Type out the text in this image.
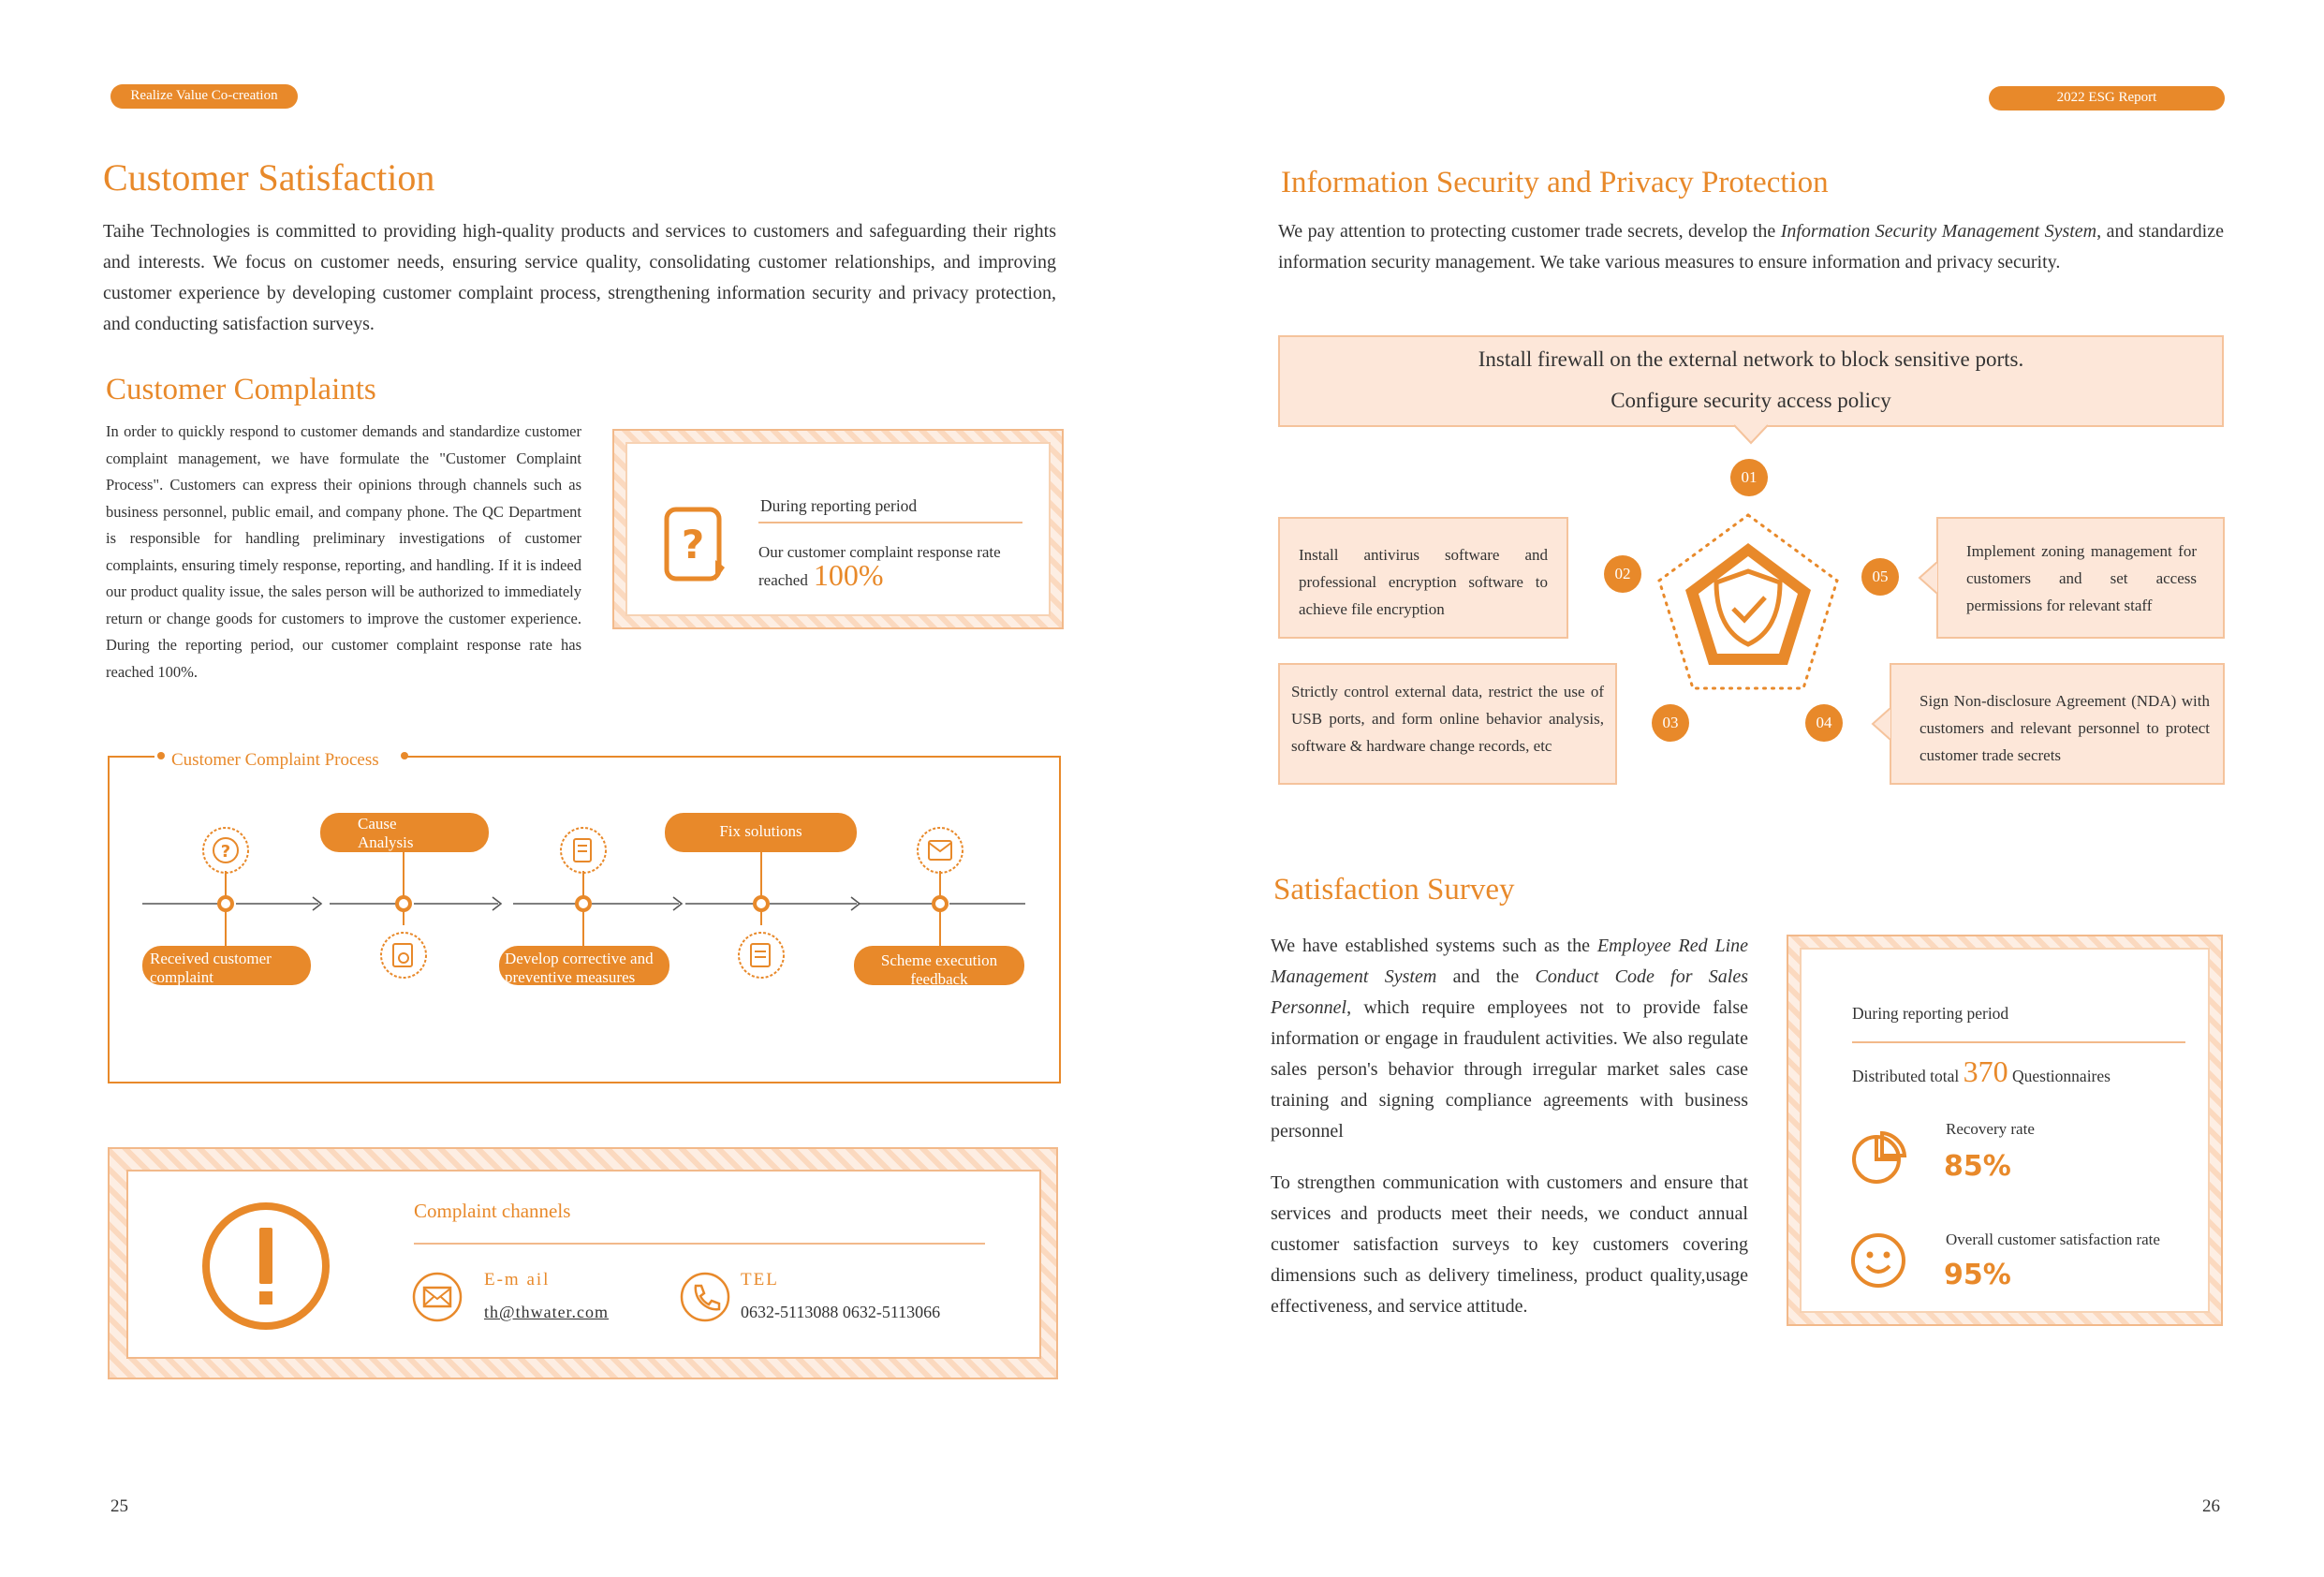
Realize Value Co-creation
Customer Satisfaction
Taihe Technologies is committed to providing high-quality products and services to customers and safeguarding their rights and interests. We focus on customer needs, ensuring service quality, consolidating customer relationships, and improving customer experience by developing customer complaint process, strengthening information security and privacy protection, and conducting satisfaction surveys.
Customer Complaints
In order to quickly respond to customer demands and standardize customer complaint management, we have formulate the "Customer Complaint Process". Customers can express their opinions through channels such as business personnel, public email, and company phone. The QC Department is responsible for handling preliminary investigations of customer complaints, ensuring timely response, reporting, and handling. If it is indeed our product quality issue, the sales person will be authorized to immediately return or change goods for customers to improve the customer experience. During the reporting period, our customer complaint response rate has reached 100%.
?
During reporting period
Our customer complaint response rate reached 100%
Customer Complaint Process
?
Received customer complaint
Cause Analysis
Develop corrective and preventive measures
Fix solutions
Scheme execution feedback
Complaint channels
E-m ail
th@thwater.com
TEL
0632-5113088 0632-5113066
25
2022 ESG Report
Information Security and Privacy Protection
We pay attention to protecting customer trade secrets, develop the Information Security Management System, and standardize information security management. We take various measures to ensure information and privacy security.
Install firewall on the external network to block sensitive ports. Configure security access policy
Install antivirus software and professional encryption software to achieve file encryption
Implement zoning management for customers and set access permissions for relevant staff
Strictly control external data, restrict the use of USB ports, and form online behavior analysis, software & hardware change records, etc
Sign Non-disclosure Agreement (NDA) with customers and relevant personnel to protect customer trade secrets
01
02
03	04
05
Satisfaction Survey
We have established systems such as the Employee Red Line Management System and the Conduct Code for Sales Personnel, which require employees not to provide false information or engage in fraudulent activities. We also regulate sales person's behavior through irregular market sales case training and signing compliance agreements with business personnel
To strengthen communication with customers and ensure that services and products meet their needs, we conduct annual customer satisfaction surveys to key customers covering dimensions such as delivery timeliness, product quality,usage effectiveness, and service attitude.
During reporting period
Distributed total 370 Questionnaires
Recovery rate
85%
Overall customer satisfaction rate
95%
26
